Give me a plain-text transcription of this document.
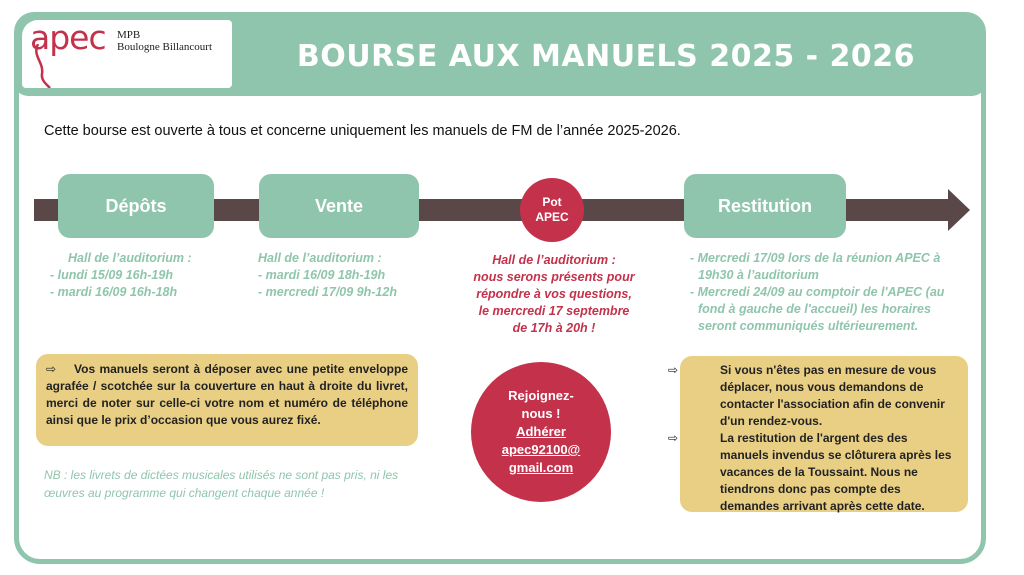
apec MPB
Boulogne Billancourt	BOURSE AUX MANUELS 2025 - 2026
Cette bourse est ouverte à tous et concerne uniquement les manuels de FM de l’année 2025-2026.
Dépôts	Vente	Restitution
Pot
APEC
Hall de l’auditorium :
- lundi 15/09 16h-19h
- mardi 16/09 16h-18h
Hall de l’auditorium :
- mardi 16/09 18h-19h
- mercredi 17/09 9h-12h
Hall de l’auditorium :
nous serons présents pour
répondre à vos questions,
le mercredi 17 septembre
de 17h à 20h !
- Mercredi 17/09 lors de la réunion APEC à
19h30 à l’auditorium
- Mercredi 24/09 au comptoir de l'APEC (au
fond à gauche de l'accueil) les horaires
seront communiqués ultérieurement.
⇨ Vos manuels seront à déposer avec une petite enveloppe agrafée / scotchée sur la couverture en haut à droite du livret, merci de noter sur celle-ci votre nom et numéro de téléphone ainsi que le prix d’occasion que vous aurez fixé.

⇨	Si vous n'êtes pas en mesure de vous déplacer, nous vous demandons de contacter l'association afin de convenir d'un rendez-vous.

⇨	La restitution de l'argent des des manuels invendus se clôturera après les vacances de la Toussaint. Nous ne tiendrons donc pas compte des demandes arrivant après cette date.

NB : les livrets de dictées musicales utilisés ne sont pas pris, ni les œuvres au programme qui changent chaque année !
Rejoignez-
nous !
Adhérer
apec92100@
gmail.com
